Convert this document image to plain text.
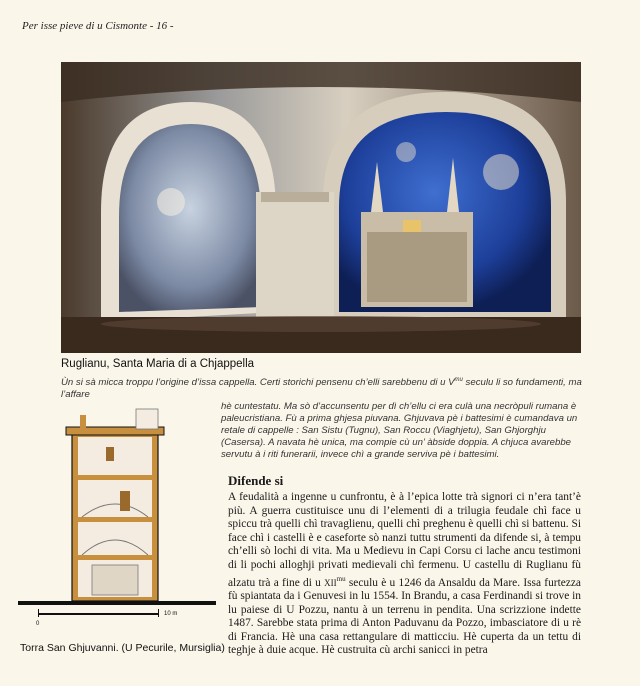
Per isse pieve di u Cismonte - 16 -
Ruglianu, Santa Maria di a Chjappella
Ùn si sà micca troppu l’origine d’issa cappella. Certi storichi pensenu ch’elli sarebbenu di u $V^{mu}$ seculu li so fundamenti, ma l’affare
hè cuntestatu. Ma sò d’accunsentu per dì ch’ellu ci era culà una necròpuli rumana è paleucristiana. Fù a prima ghjesa piuvana. Ghjuvava pè i battesimi è cumandava un retale di cappelle : San Sistu (Tugnu), San Roccu (Viaghjetu), San Ghjorghju (Casersa). A navata hè unica, ma compie cù un’ àbside doppia. A chjuca avarebbe servutu à i riti funerarii, invece chì a grande serviva pè i battesimi.
0
10 m
Torra San Ghjuvanni. (U Pecurile, Mursiglia)
Difende si

A feudalità a ingenne u cunfrontu, è à l’epica lotte trà signori ci n’era tant’è più. A guerra custituisce unu di l’elementi di a trilugia feudale chì face u spiccu trà quelli chì travaglienu, quelli chì preghenu è quelli chì si battenu. Si face chì i castelli è e caseforte sò nanzi tuttu strumenti da difende si, à tempu ch’elli sò lochi di vita. Ma u Medievu in Capi Corsu ci lache ancu testimoni di li pochi alloghji privati medievali chì fermenu. U castellu di Ruglianu fù alzatu trà a fine di u $XII^{mu}$ seculu è u 1246 da Ansaldu da Mare. Issa furtezza fù spiantata da i Genuvesi in lu 1554. In Brandu, a casa Ferdinandi si trove in lu paiese di U Pozzu, nantu à un terrenu in pendita. Una scrizzione indette 1487. Sarebbe stata prima di Anton Paduvanu da Pozzo, imbasciatore di u rè di Francia. Hè una casa rettangulare di matticciu. Hè cuperta da un tettu di teghje à duie acque. Hè custruita cù archi sanicci in petra
